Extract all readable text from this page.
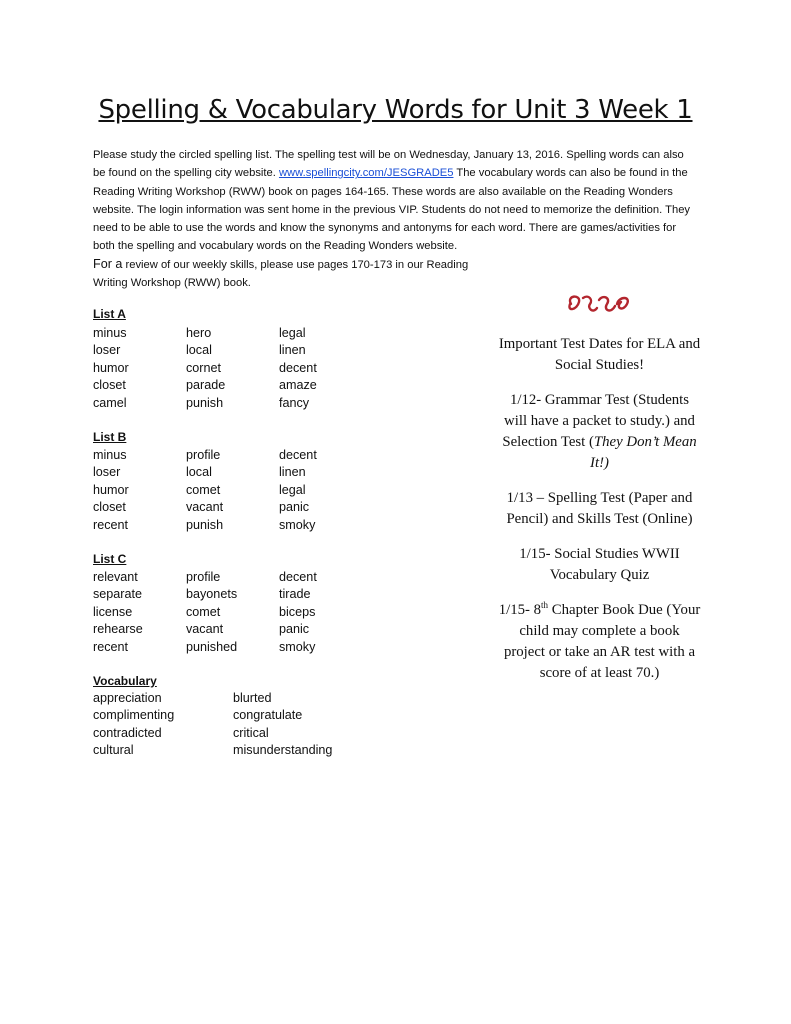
Spelling & Vocabulary Words for Unit 3 Week 1
Please study the circled spelling list. The spelling test will be on Wednesday, January 13, 2016. Spelling words can also be found on the spelling city website. www.spellingcity.com/JESGRADE5 The vocabulary words can also be found in the Reading Writing Workshop (RWW) book on pages 164-165. These words are also available on the Reading Wonders website. The login information was sent home in the previous VIP. Students do not need to memorize the definition. They need to be able to use the words and know the synonyms and antonyms for each word. There are games/activities for both the spelling and vocabulary words on the Reading Wonders website.
For a review of our weekly skills, please use pages 170-173 in our Reading
Writing Workshop (RWW) book.
List A
minus	hero	legal
loser	local	linen
humor	cornet	decent
closet	parade	amaze
camel	punish	fancy
List B
minus	profile	decent
loser	local	linen
humor	comet	legal
closet	vacant	panic
recent	punish	smoky
List C
relevant	profile	decent
separate	bayonets	tirade
license	comet	biceps
rehearse	vacant	panic
recent	punished	smoky
Vocabulary
appreciation	blurted
complimenting	congratulate
contradicted	critical
cultural	misunderstanding

Important Test Dates for ELA and Social Studies!

1/12- Grammar Test (Students will have a packet to study.) and Selection Test (They Don’t Mean It!)

1/13 – Spelling Test (Paper and Pencil) and Skills Test (Online)

1/15- Social Studies WWII Vocabulary Quiz

1/15- 8th Chapter Book Due (Your child may complete a book project or take an AR test with a score of at least 70.)
